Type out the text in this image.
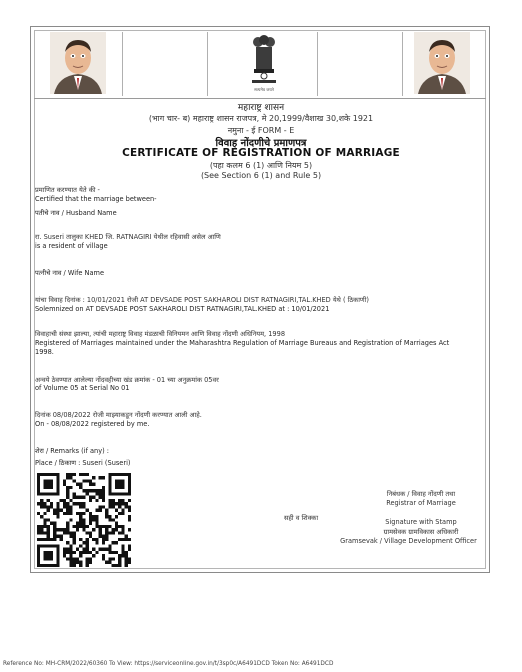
सत्यमेव जयते
महाराष्ट्र शासन
(भाग चार- ब) महाराष्ट्र शासन राजपत्र, मे 20,1999/वैशाख 30,शके 1921
नमुना - ई FORM - E
विवाह नोंदणीचे प्रमाणपत्र
CERTIFICATE OF REGISTRATION OF MARRIAGE
(पहा कलम 6 (1) आणि नियम 5)
(See Section 6 (1) and Rule 5)
प्रमाणित करण्यात येते की -
Certified that the marriage between-
पतीचे नाव / Husband Name
रा. Suseri तालुका KHED जि. RATNAGIRI येथील रहिवासी असेल आणि
is a resident of village
पत्नीचे नाव / Wife Name
यांचा विवाह दिनांक : 10/01/2021 रोजी AT DEVSADE POST SAKHAROLI DIST RATNAGIRI,TAL.KHED येथे ( ठिकाणी)
Solemnized on AT DEVSADE POST SAKHAROLI DIST RATNAGIRI,TAL.KHED at : 10/01/2021
विवाहाची संस्था झाल्या, त्यांची महाराष्ट्र विवाह मंडळाची विनियमन आणि विवाह नोंदणी अधिनियम, 1998
Registered of Marriages maintained under the Maharashtra Regulation of Marriage Bureaus and Registration of Marriages Act
1998.
अन्वये ठेवण्यात आलेल्या नोंदवहीच्या खंड क्रमांक - 01 च्या अनुक्रमांक 05वर
of Volume 05 at Serial No 01
दिनांक 08/08/2022 रोजी माझ्याकडून नोंदणी करण्यात आली आहे.
On - 08/08/2022 registered by me.
शेरा / Remarks (if any) :
Place / ठिकाण : Suseri (Suseri)
निबंधक / विवाह नोंदणी तथा
Registrar of Marriage
सही व शिक्का	Signature with Stamp
ग्रामसेवक ग्रामविकास अधिकारी
Gramsevak / Village Development Officer
Reference No: MH-CRM/2022/60360 To View: https://serviceonline.gov.in/t/3sp0c/A6491DCD Token No: A6491DCD
